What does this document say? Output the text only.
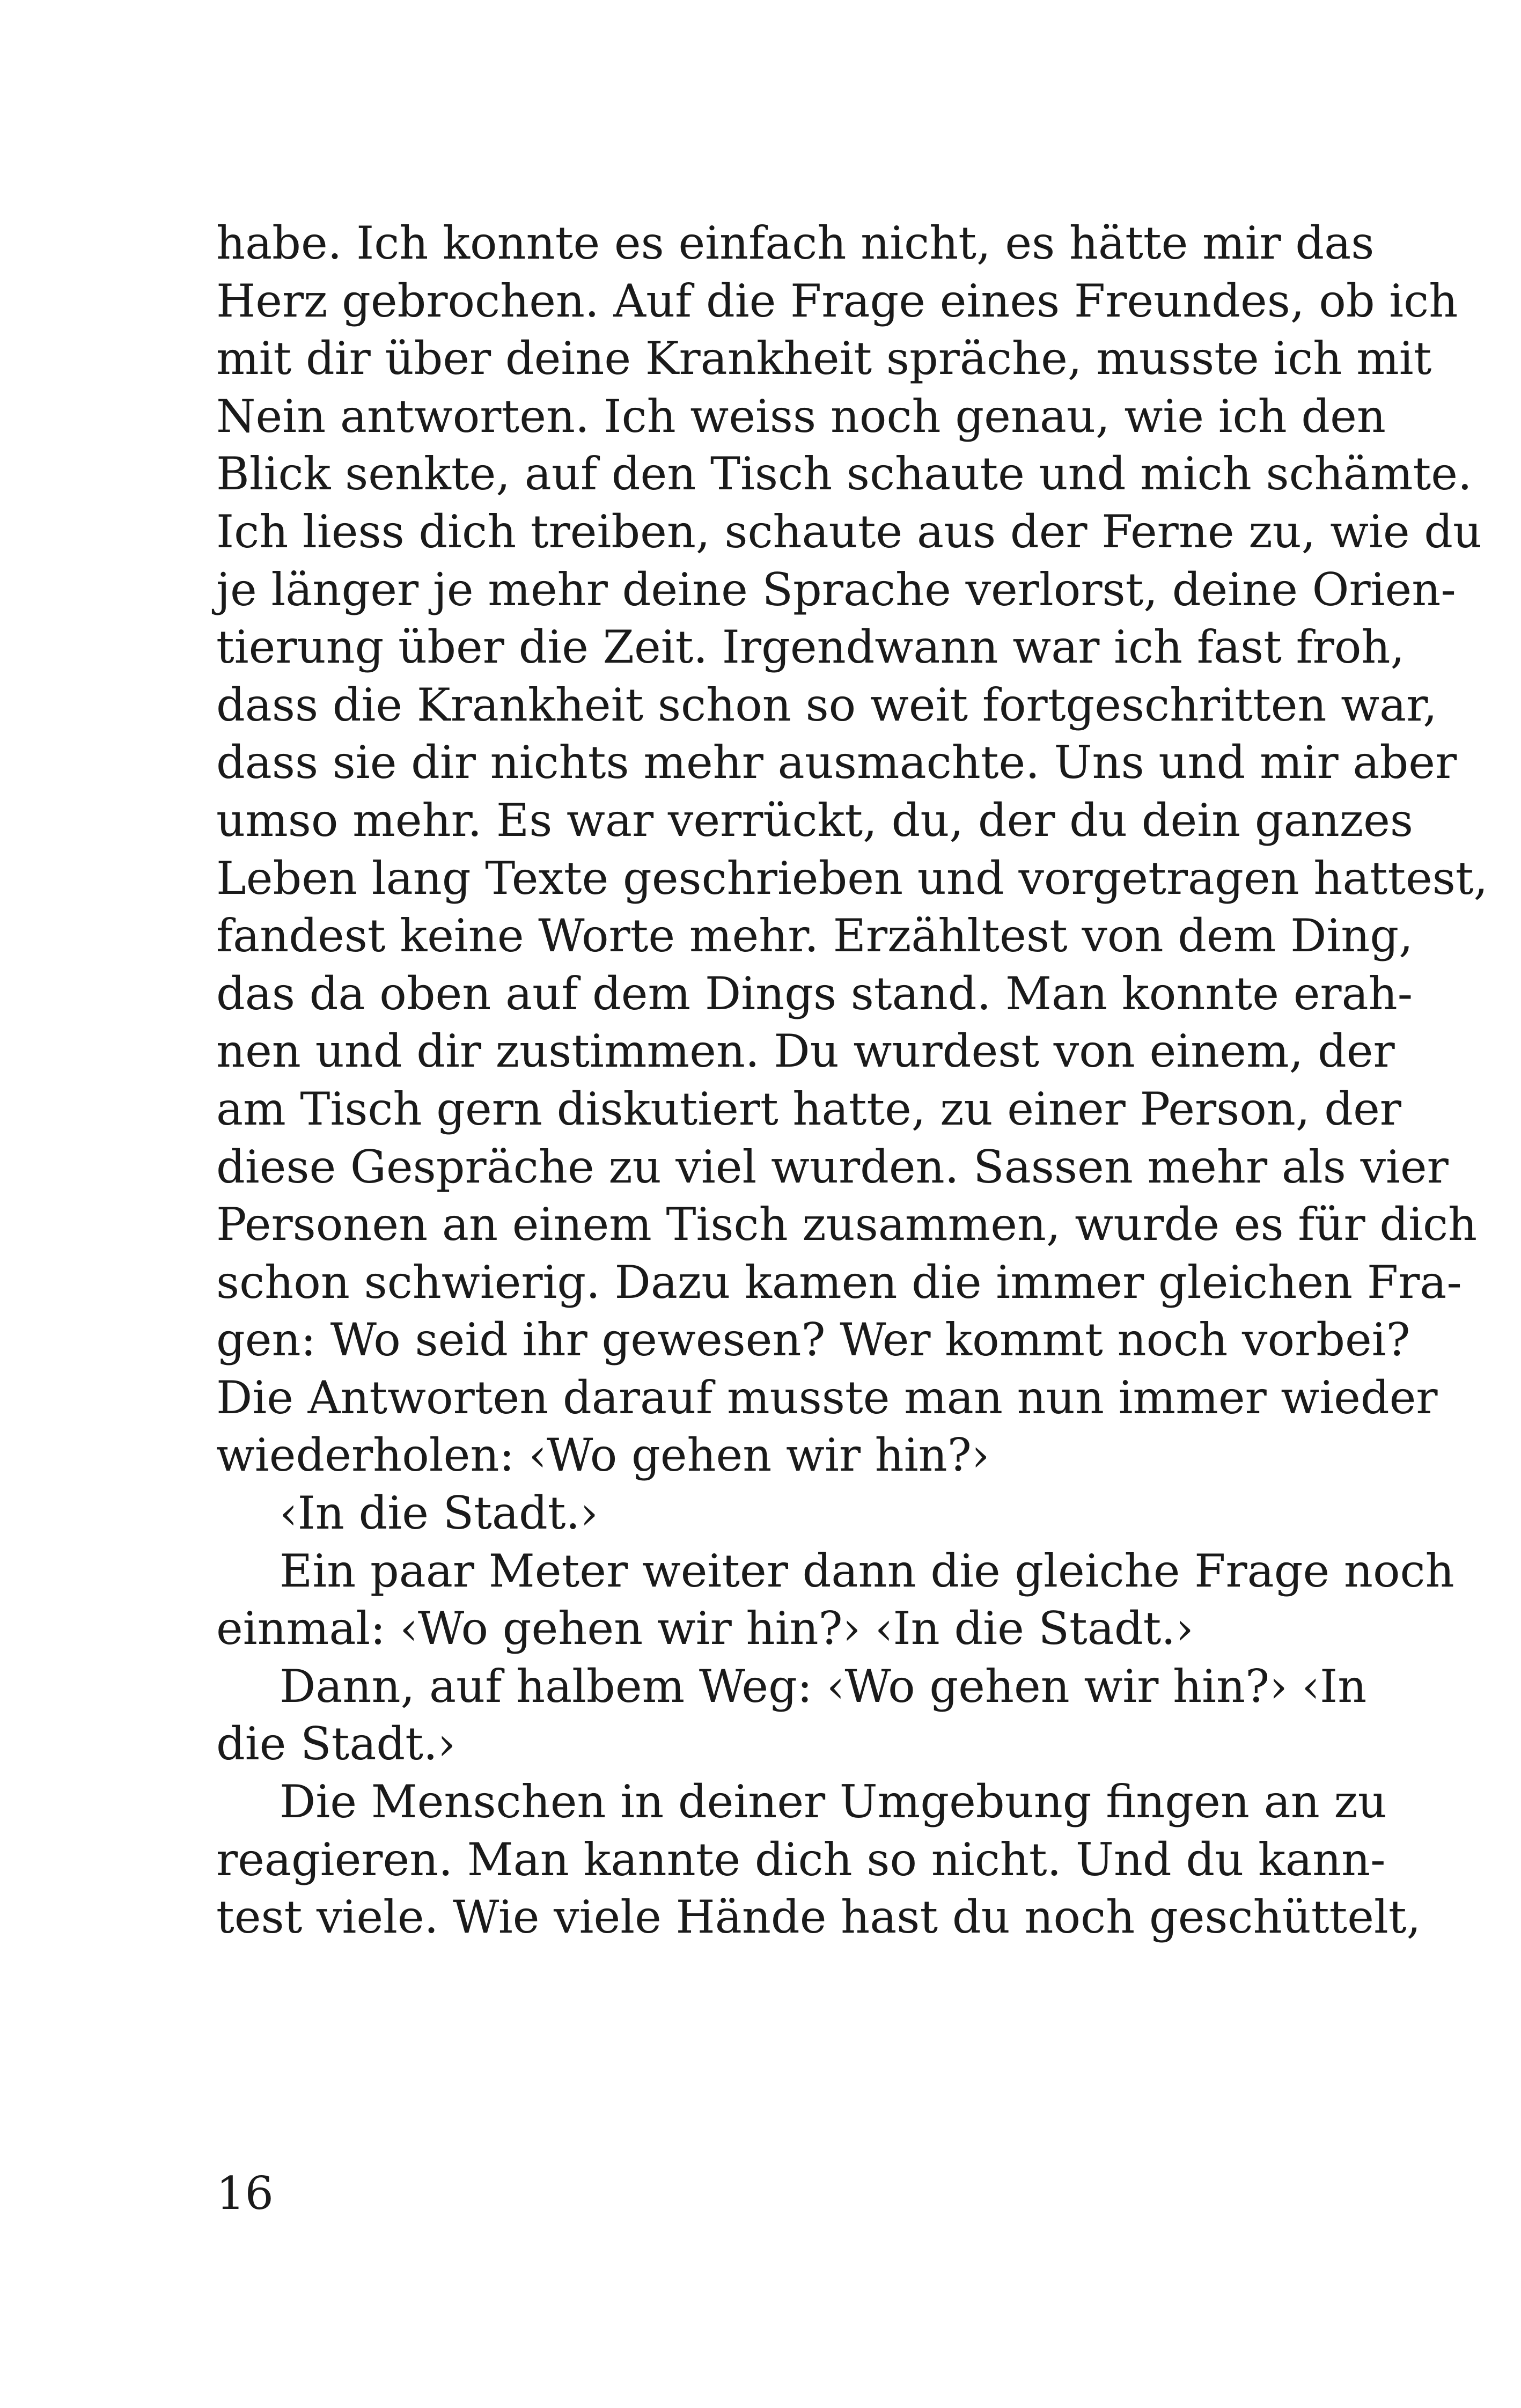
habe. Ich konnte es einfach nicht, es hätte mir das
Herz gebrochen. Auf die Frage eines Freundes, ob ich
mit dir über deine Krankheit spräche, musste ich mit
Nein antworten. Ich weiss noch genau, wie ich den
Blick senkte, auf den Tisch schaute und mich schämte.
Ich liess dich treiben, schaute aus der Ferne zu, wie du
je länger je mehr deine Sprache verlorst, deine Orien-
tierung über die Zeit. Irgendwann war ich fast froh,
dass die Krankheit schon so weit fortgeschritten war,
dass sie dir nichts mehr ausmachte. Uns und mir aber
umso mehr. Es war verrückt, du, der du dein ganzes
Leben lang Texte geschrieben und vorgetragen hattest,
fandest keine Worte mehr. Erzähltest von dem Ding,
das da oben auf dem Dings stand. Man konnte erah-
nen und dir zustimmen. Du wurdest von einem, der
am Tisch gern diskutiert hatte, zu einer Person, der
diese Gespräche zu viel wurden. Sassen mehr als vier
Personen an einem Tisch zusammen, wurde es für dich
schon schwierig. Dazu kamen die immer gleichen Fra-
gen: Wo seid ihr gewesen? Wer kommt noch vorbei?
Die Antworten darauf musste man nun immer wieder
wiederholen: ‹Wo gehen wir hin?›
‹In die Stadt.›
Ein paar Meter weiter dann die gleiche Frage noch
einmal: ‹Wo gehen wir hin?› ‹In die Stadt.›
Dann, auf halbem Weg: ‹Wo gehen wir hin?› ‹In
die Stadt.›
Die Menschen in deiner Umgebung fingen an zu
reagieren. Man kannte dich so nicht. Und du kann-
test viele. Wie viele Hände hast du noch geschüttelt,
16
